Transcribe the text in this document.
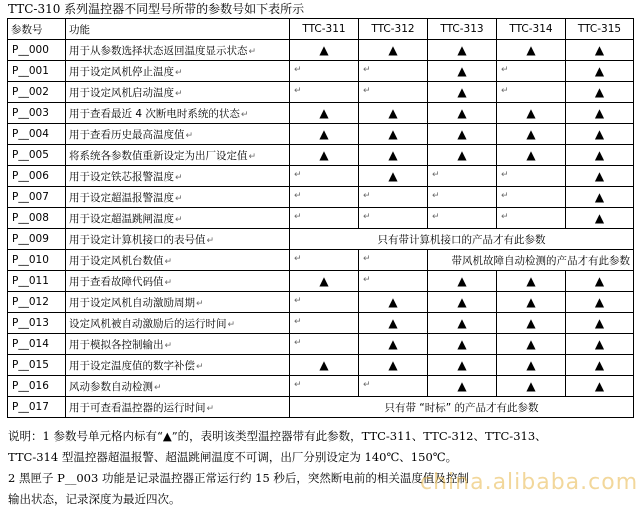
TTC-310 系列温控器不同型号所带的参数号如下表所示
参数号	功能	TTC-311	TTC-312	TTC-313	TTC-314	TTC-315
P__000	用于从参数选择状态返回温度显示状态↵	▲	▲	▲	▲	▲
P__001	用于设定风机停止温度↵	↵	↵	▲	↵	▲
P__002	用于设定风机启动温度↵	↵	↵	▲	↵	▲
P__003	用于查看最近 4 次断电时系统的状态↵	▲	▲	▲	▲	▲
P__004	用于查看历史最高温度值↵	▲	▲	▲	▲	▲
P__005	将系统各参数值重新设定为出厂设定值↵	▲	▲	▲	▲	▲
P__006	用于设定铁芯报警温度↵	↵	▲	↵	↵	▲
P__007	用于设定超温报警温度↵	↵	↵	↵	↵	▲
P__008	用于设定超温跳闸温度↵	↵	↵	↵	↵	▲
P__009	用于设定计算机接口的表号值↵	只有带计算机接口的产品才有此参数				
P__010	用于设定风机台数值↵	↵	↵	带风机故障自动检测的产品才有此参数		
P__011	用于查看故障代码值↵	▲	↵	▲	▲	▲
P__012	用于设定风机自动激励周期↵	↵	▲	▲	▲	▲
P__013	设定风机被自动激励后的运行时间↵	↵	▲	▲	▲	▲
P__014	用于模拟各控制输出↵	↵	▲	▲	▲	▲
P__015	用于设定温度值的数字补偿↵	▲	▲	▲	▲	▲
P__016	风动参数自动检测↵	↵	↵	▲	▲	▲
P__017	用于可查看温控器的运行时间↵	只有带 “时标” 的产品才有此参数				
说明：1 参数号单元格内标有“▲”的，表明该类型温控器带有此参数，TTC-311、TTC-312、TTC-313、
TTC-314 型温控器超温报警、超温跳闸温度不可调，出厂分别设定为 140℃、150℃。
2 黑匣子 P__003 功能是记录温控器正常运行约 15 秒后，突然断电前的相关温度值及控制
输出状态，记录深度为最近四次。
china.alibaba.com
